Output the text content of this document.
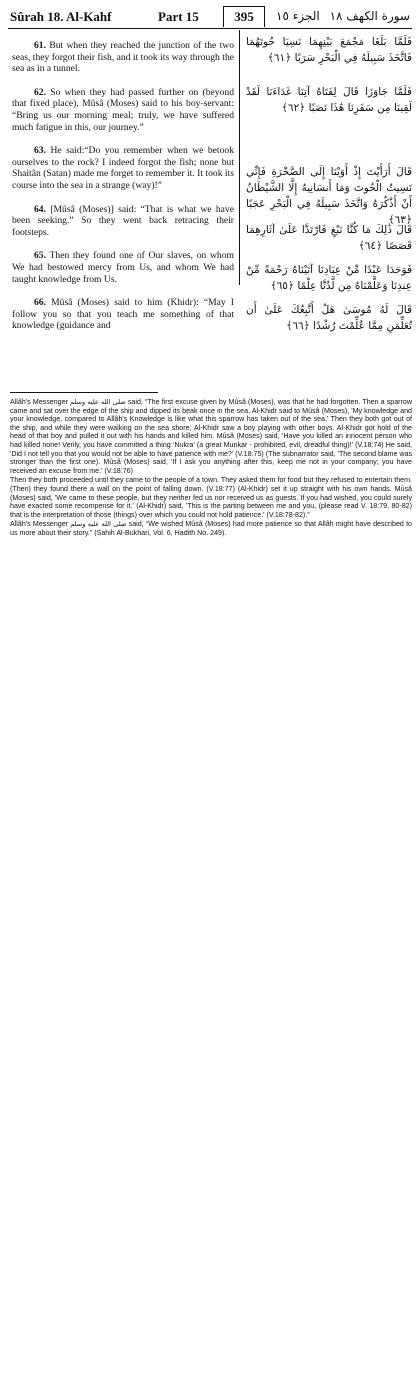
Sûrah 18. Al-Kahf	Part 15	395	الجزء ١٥ سورة الكهف ١٨

61. But when they reached the junction of the two seas, they forgot their fish, and it took its way through the sea as in a tunnel.

62. So when they had passed further on (beyond that fixed place), Mûsâ (Moses) said to his boy-servant: “Bring us our morning meal; truly, we have suffered much fatigue in this, our journey.”

63. He said:“Do you remember when we betook ourselves to the rock? I indeed forgot the fish; none but Shaitân (Satan) made me forget to remember it. It took its course into the sea in a strange (way)!”

64. [Mûsâ (Moses)] said: “That is what we have been seeking.” So they went back retracing their footsteps.

65. Then they found one of Our slaves, on whom We had bestowed mercy from Us, and whom We had taught knowledge from Us.

66. Mûsâ (Moses) said to him (Khidr): “May I follow you so that you teach me something of that knowledge (guidance and

فَلَمَّا بَلَغَا مَجْمَعَ بَيْنِهِمَا نَسِيَا حُوتَهُمَا فَاتَّخَذَ سَبِيلَهُ فِي الْبَحْرِ سَرَبًا ﴿٦١﴾
فَلَمَّا جَاوَزَا قَالَ لِفَتَاهُ آتِنَا غَدَاءَنَا لَقَدْ لَقِينَا مِن سَفَرِنَا هَٰذَا نَصَبًا ﴿٦٢﴾
قَالَ أَرَأَيْتَ إِذْ أَوَيْنَا إِلَى الصَّخْرَةِ فَإِنِّي نَسِيتُ الْحُوتَ وَمَا أَنسَانِيهُ إِلَّا الشَّيْطَانُ أَنْ أَذْكُرَهُ وَاتَّخَذَ سَبِيلَهُ فِي الْبَحْرِ عَجَبًا ﴿٦٣﴾
قَالَ ذَٰلِكَ مَا كُنَّا نَبْغِ فَارْتَدَّا عَلَىٰ آثَارِهِمَا قَصَصًا ﴿٦٤﴾
فَوَجَدَا عَبْدًا مِّنْ عِبَادِنَا آتَيْنَاهُ رَحْمَةً مِّنْ عِندِنَا وَعَلَّمْنَاهُ مِن لَّدُنَّا عِلْمًا ﴿٦٥﴾
قَالَ لَهُ مُوسَىٰ هَلْ أَتَّبِعُكَ عَلَىٰ أَن تُعَلِّمَنِ مِمَّا عُلِّمْتَ رُشْدًا ﴿٦٦﴾

Allâh's Messenger صلى الله عليه وسلم said, “The first excuse given by Mûsâ (Moses), was that he had forgotten. Then a sparrow came and sat over the edge of the ship and dipped its beak once in the sea. Al-Khidr said to Mûsâ (Moses), 'My knowledge and your knowledge, compared to Allâh's Knowledge is like what this sparrow has taken out of the sea.' Then they both got out of the ship, and while they were walking on the sea shore, Al-Khidr saw a boy playing with other boys. Al-Khidr got hold of the head of that boy and pulled it out with his hands and killed him. Mûsâ (Moses) said, 'Have you killed an innocent person who had killed none! Verily, you have committed a thing ‘Nukra’ (a great Munkar - prohibited, evil, dreadful thing)!' (V.18:74) He said, 'Did I not tell you that you would not be able to have patience with me?' (V.18:75) (The subnarrator said, 'The second blame was stronger than the first one). Mûsâ (Moses) said, 'If I ask you anything after this, keep me not in your company; you have received an excuse from me.' (V.18:76)

Then they both proceeded until they came to the people of a town. They asked them for food but they refused to entertain them. (Then) they found there a wall on the point of falling down. (V.18:77) (Al-Khidr) set it up straight with his own hands. Mûsâ (Moses) said, 'We came to these people, but they neither fed us nor received us as guests. If you had wished, you could surely have exacted some recompense for it.' (Al-Khidr) said, 'This is the parting between me and you, (please read V. 18:79, 80-82) that is the interpretation of those (things) over which you could not hold patience.' (V.18:78-82).”

Allâh's Messenger صلى الله عليه وسلم said, “We wished Mûsâ (Moses) had more patience so that Allâh might have described to us more about their story.” (Sahih Al-Bukhari, Vol. 6, Hadith No. 249).
